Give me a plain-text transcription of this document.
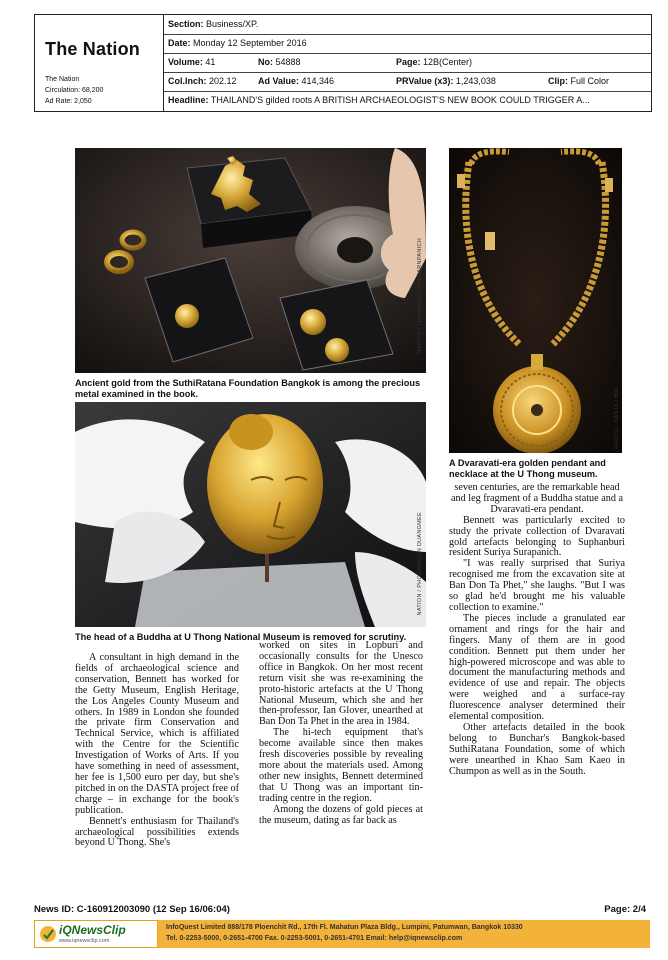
The Nation
The Nation
Circulation: 68,200
Ad Rate: 2,050
Section: Business/XP.
Date: Monday 12 September 2016
Volume: 41	No: 54888	Page: 12B(Center)
Col.Inch: 202.12 Ad Value: 414,346	PRValue (x3): 1,243,038	Clip: Full Color
Headline: THAILAND'S gilded roots A BRITISH ARCHAEOLOGIST'S NEW BOOK COULD TRIGGER A...
NATION / THANACHAI PRAMARNPANICH
Ancient gold from the SuthiRatana Foundation Bangkok is among the precious metal examined in the book.	PHOTO / DASTA / BIA
A Dvaravati-era golden pendant and necklace at the U Thong museum.
NATION / PHOOWADON DUANGMEE
The head of a Buddha at U Thong National Museum is removed for scrutiny.

A consultant in high demand in the fields of archaeological science and conservation, Bennett has worked for the Getty Museum, English Heritage, the Los Angeles County Museum and others. In 1989 in London she founded the private firm Conservation and Technical Service, which is affiliated with the Centre for the Scientific Investigation of Works of Arts. If you have something in need of assessment, her fee is 1,500 euro per day, but she's pitched in on the DASTA project free of charge – in exchange for the book's publication.

Bennett's enthusiasm for Thailand's archaeological possibilities extends beyond U Thong. She's

worked on sites in Lopburi and occasionally consults for the Unesco office in Bangkok. On her most recent return visit she was re-examining the proto-historic artefacts at the U Thong National Museum, which she and her then-professor, Ian Glover, unearthed at Ban Don Ta Phet in the area in 1984.

The hi-tech equipment that's become available since then makes fresh discoveries possible by revealing more about the materials used. Among other new insights, Bennett determined that U Thong was an important tin-trading centre in the region.

Among the dozens of gold pieces at the museum, dating as far back as

seven centuries, are the remarkable head and leg fragment of a Buddha statue and a Dvaravati-era pendant.

Bennett was particularly excited to study the private collection of Dvaravati gold artefacts belonging to Suphanburi resident Suriya Surapanich.

"I was really surprised that Suriya recognised me from the excavation site at Ban Don Ta Phet," she laughs. "But I was so glad he'd brought me his valuable collection to examine."

The pieces include a granulated ear ornament and rings for the hair and fingers. Many of them are in good condition. Bennett put them under her high-powered microscope and was able to document the manufacturing methods and evidence of use and repair. The objects were weighed and a surface-ray fluorescence analyser determined their elemental composition.

Other artefacts detailed in the book belong to Bunchar's Bangkok-based SuthiRatana Foundation, some of which were unearthed in Khao Sam Kaeo in Chumpon as well as in the South.

News ID: C-160912003090 (12 Sep 16/06:04)	Page: 2/4
iQNewsClip
www.iqnewsclip.com
InfoQuest Limited 888/178 Ploenchit Rd., 17th Fl. Mahatun Plaza Bldg., Lumpini, Patumwan, Bangkok 10330
Tel. 0-2253-5000, 0-2651-4700 Fax. 0-2253-5001, 0-2651-4701 Email: help@iqnewsclip.com
